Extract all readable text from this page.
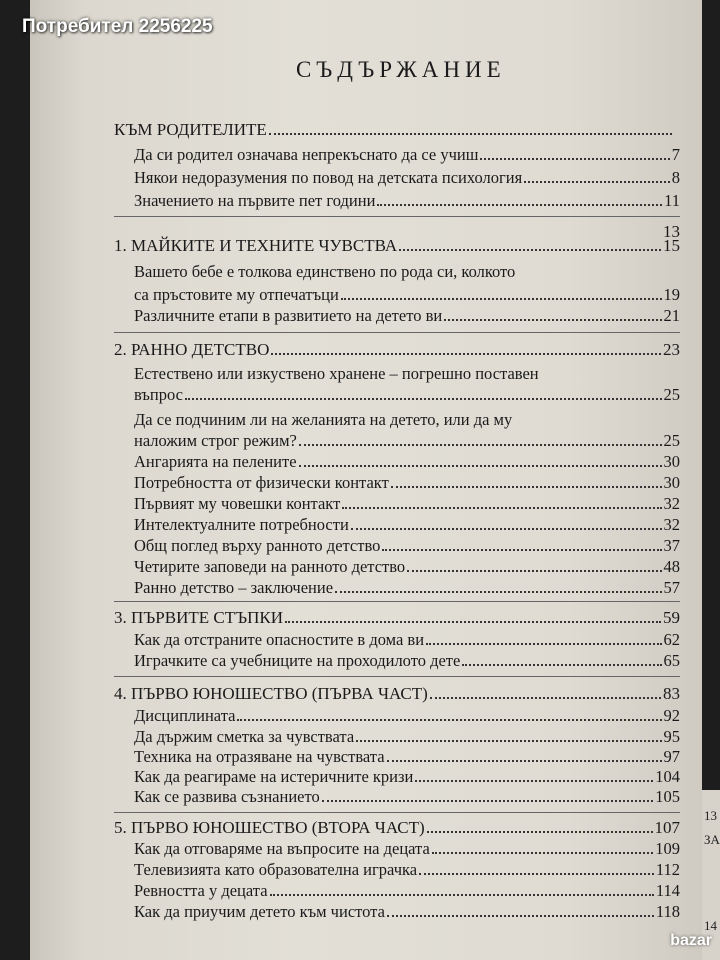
СЪДЪРЖАНИЕ
КЪМ РОДИТЕЛИТЕ
Да си родител означава непрекъснато да се учиш	7
Някои недоразумения по повод на детската психология	8
Значението на първите пет години	11
13
1. МАЙКИТЕ И ТЕХНИТЕ ЧУВСТВА	15
Вашето бебе е толкова единствено по рода си, колкото
са пръстовите му отпечатъци	19
Различните етапи в развитието на детето ви	21
2. РАННО ДЕТСТВО	23
Естествено или изкуствено хранене – погрешно поставен
въпрос	25
Да се подчиним ли на желанията на детето, или да му
наложим строг режим?	25
Ангарията на пелените	30
Потребността от физически контакт	30
Първият му човешки контакт	32
Интелектуалните потребности	32
Общ поглед върху ранното детство	37
Четирите заповеди на ранното детство	48
Ранно детство – заключение	57
3. ПЪРВИТЕ СТЪПКИ	59
Как да отстраните опасностите в дома ви	62
Играчките са учебниците на проходилото дете	65
4. ПЪРВО ЮНОШЕСТВО (ПЪРВА ЧАСТ)	83
Дисциплината	92
Да държим сметка за чувствата	95
Техника на отразяване на чувствата	97
Как да реагираме на истеричните кризи	104
Как се развива съзнанието	105
5. ПЪРВО ЮНОШЕСТВО (ВТОРА ЧАСТ)	107
Как да отговаряме на въпросите на децата	109
Телевизията като образователна играчка	112
Ревността у децата	114
Как да приучим детето към чистота	118
13
ЗА
14
Потребител 2256225
bazar
